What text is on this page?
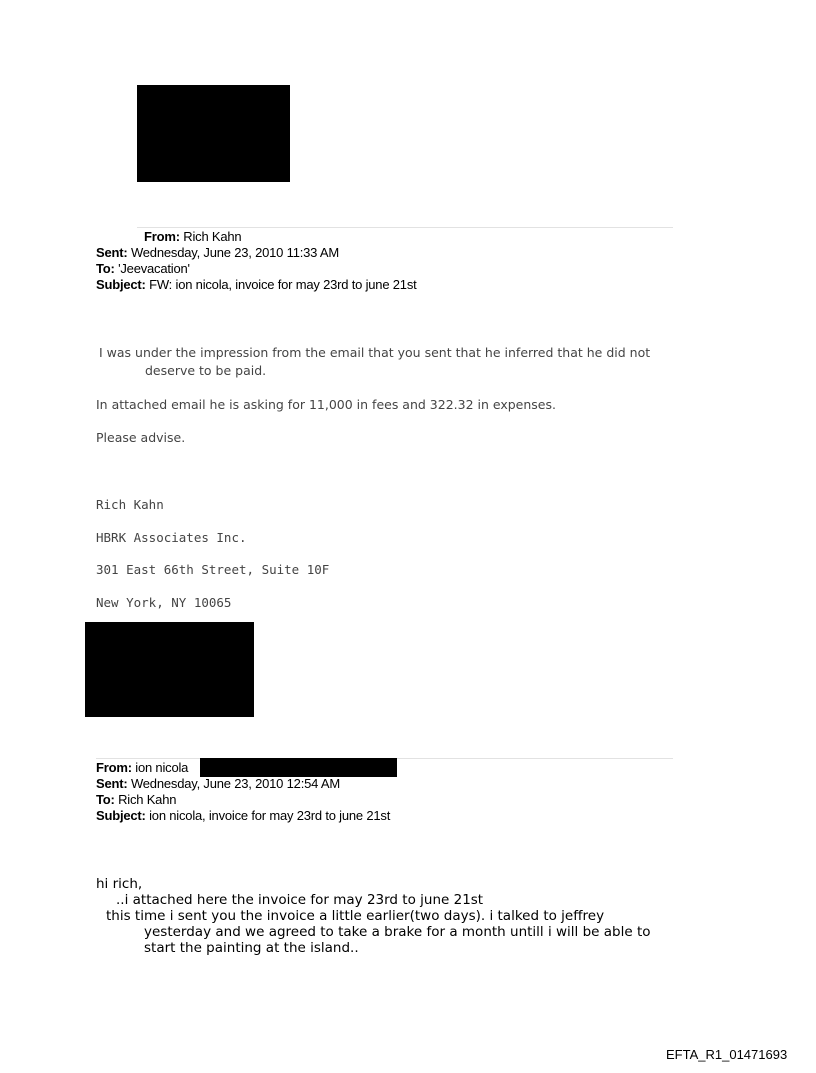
From: Rich Kahn
Sent: Wednesday, June 23, 2010 11:33 AM
To: 'Jeevacation'
Subject: FW: ion nicola, invoice for may 23rd to june 21st
I was under the impression from the email that you sent that he inferred that he did not
deserve to be paid.
In attached email he is asking for 11,000 in fees and 322.32 in expenses.
Please advise.
Rich Kahn
HBRK Associates Inc.
301 East 66th Street, Suite 10F
New York, NY 10065
From: ion nicola
Sent: Wednesday, June 23, 2010 12:54 AM
To: Rich Kahn
Subject: ion nicola, invoice for may 23rd to june 21st
hi rich,
..i attached here the invoice for may 23rd to june 21st
this time i sent you the invoice a little earlier(two days). i talked to jeffrey
yesterday and we agreed to take a brake for a month untill i will be able to
start the painting at the island..
EFTA_R1_01471693
